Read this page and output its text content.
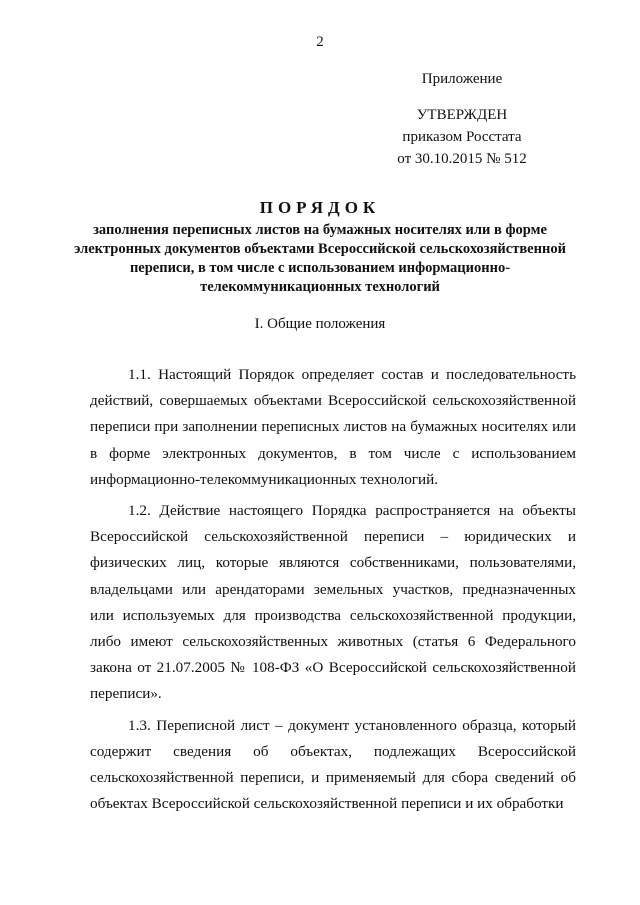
2
Приложение
УТВЕРЖДЕН
приказом Росстата
от 30.10.2015 № 512
ПОРЯДОК
заполнения переписных листов на бумажных носителях или в форме электронных документов объектами Всероссийской сельскохозяйственной переписи, в том числе с использованием информационно-телекоммуникационных технологий
I. Общие положения

1.1. Настоящий Порядок определяет состав и последовательность действий, совершаемых объектами Всероссийской сельскохозяйственной переписи при заполнении переписных листов на бумажных носителях или в форме электронных документов, в том числе с использованием информационно-телекоммуникационных технологий.

1.2. Действие настоящего Порядка распространяется на объекты Всероссийской сельскохозяйственной переписи – юридических и физических лиц, которые являются собственниками, пользователями, владельцами или арендаторами земельных участков, предназначенных или используемых для производства сельскохозяйственной продукции, либо имеют сельскохозяйственных животных (статья 6 Федерального закона от 21.07.2005 № 108-ФЗ «О Всероссийской сельскохозяйственной переписи».

1.3. Переписной лист – документ установленного образца, который содержит сведения об объектах, подлежащих Всероссийской сельскохозяйственной переписи, и применяемый для сбора сведений об объектах Всероссийской сельскохозяйственной переписи и их обработки
